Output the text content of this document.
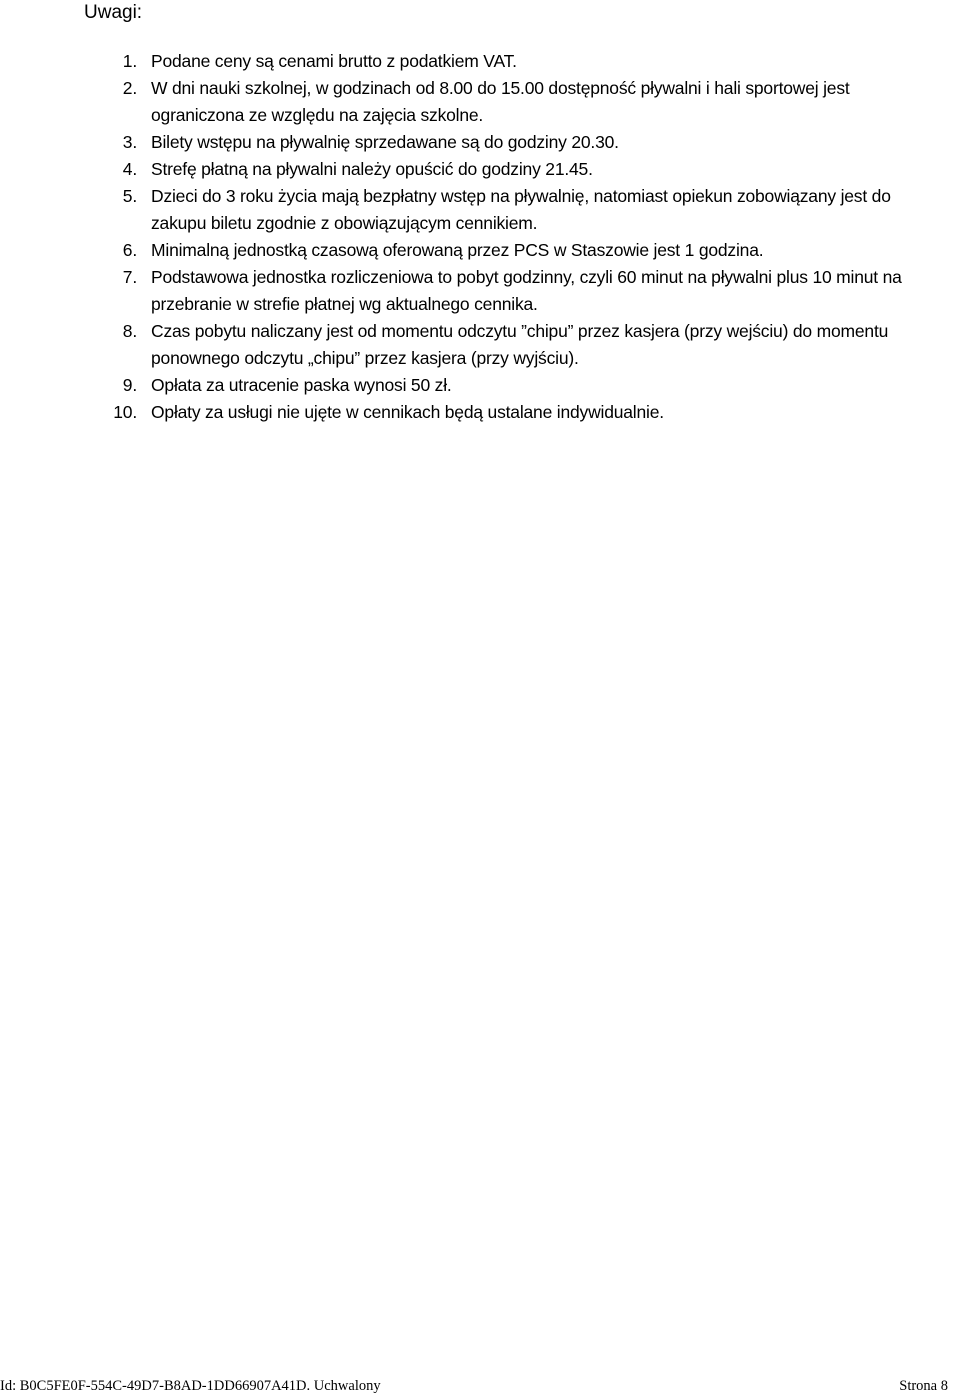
Uwagi:
1. Podane ceny są cenami brutto z podatkiem VAT.
2. W dni nauki szkolnej, w godzinach od 8.00 do 15.00 dostępność pływalni i hali sportowej jest ograniczona ze względu na zajęcia szkolne.
3. Bilety wstępu na pływalnię sprzedawane są do godziny 20.30.
4. Strefę płatną na pływalni należy opuścić do godziny 21.45.
5. Dzieci do 3 roku życia mają bezpłatny wstęp na pływalnię, natomiast opiekun zobowiązany jest do zakupu biletu zgodnie z obowiązującym cennikiem.
6. Minimalną jednostką czasową oferowaną przez PCS w Staszowie jest 1 godzina.
7. Podstawowa jednostka rozliczeniowa to pobyt godzinny, czyli 60 minut na pływalni plus 10 minut na przebranie w strefie płatnej wg aktualnego cennika.
8. Czas pobytu naliczany jest od momentu odczytu ”chipu” przez kasjera (przy wejściu) do momentu ponownego odczytu „chipu” przez kasjera (przy wyjściu).
9. Opłata za utracenie paska wynosi 50 zł.
10. Opłaty za usługi nie ujęte w cennikach będą ustalane indywidualnie.
Id: B0C5FE0F-554C-49D7-B8AD-1DD66907A41D. Uchwalony	Strona 8
